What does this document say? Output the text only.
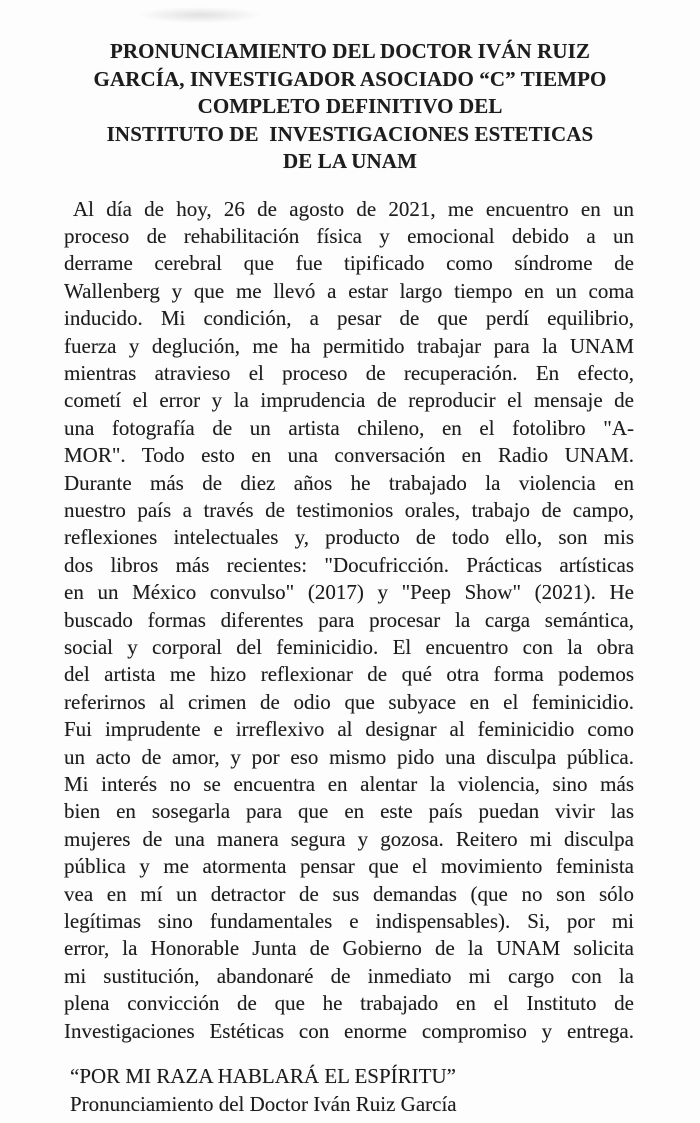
PRONUNCIAMIENTO DEL DOCTOR IVÁN RUIZ
GARCÍA, INVESTIGADOR ASOCIADO “C” TIEMPO
COMPLETO DEFINITIVO DEL
INSTITUTO DE  INVESTIGACIONES ESTETICAS
DE LA UNAM
Al día de hoy, 26 de agosto de 2021, me encuentro en un
proceso de rehabilitación física y emocional debido a un
derrame cerebral que fue tipificado como síndrome de
Wallenberg y que me llevó a estar largo tiempo en un coma
inducido. Mi condición, a pesar de que perdí equilibrio,
fuerza y deglución, me ha permitido trabajar para la UNAM
mientras atravieso el proceso de recuperación. En efecto,
cometí el error y la imprudencia de reproducir el mensaje de
una fotografía de un artista chileno, en el fotolibro "A-
MOR". Todo esto en una conversación en Radio UNAM.
Durante más de diez años he trabajado la violencia en
nuestro país a través de testimonios orales, trabajo de campo,
reflexiones intelectuales y, producto de todo ello, son mis
dos libros más recientes: "Docufricción. Prácticas artísticas
en un México convulso" (2017) y "Peep Show" (2021). He
buscado formas diferentes para procesar la carga semántica,
social y corporal del feminicidio. El encuentro con la obra
del artista me hizo reflexionar de qué otra forma podemos
referirnos al crimen de odio que subyace en el feminicidio.
Fui imprudente e irreflexivo al designar al feminicidio como
un acto de amor, y por eso mismo pido una disculpa pública.
Mi interés no se encuentra en alentar la violencia, sino más
bien en sosegarla para que en este país puedan vivir las
mujeres de una manera segura y gozosa. Reitero mi disculpa
pública y me atormenta pensar que el movimiento feminista
vea en mí un detractor de sus demandas (que no son sólo
legítimas sino fundamentales e indispensables). Si, por mi
error, la Honorable Junta de Gobierno de la UNAM solicita
mi sustitución, abandonaré de inmediato mi cargo con la
plena convicción de que he trabajado en el Instituto de
Investigaciones Estéticas con enorme compromiso y entrega.
“POR MI RAZA HABLARÁ EL ESPÍRITU”
Pronunciamiento del Doctor Iván Ruiz García
